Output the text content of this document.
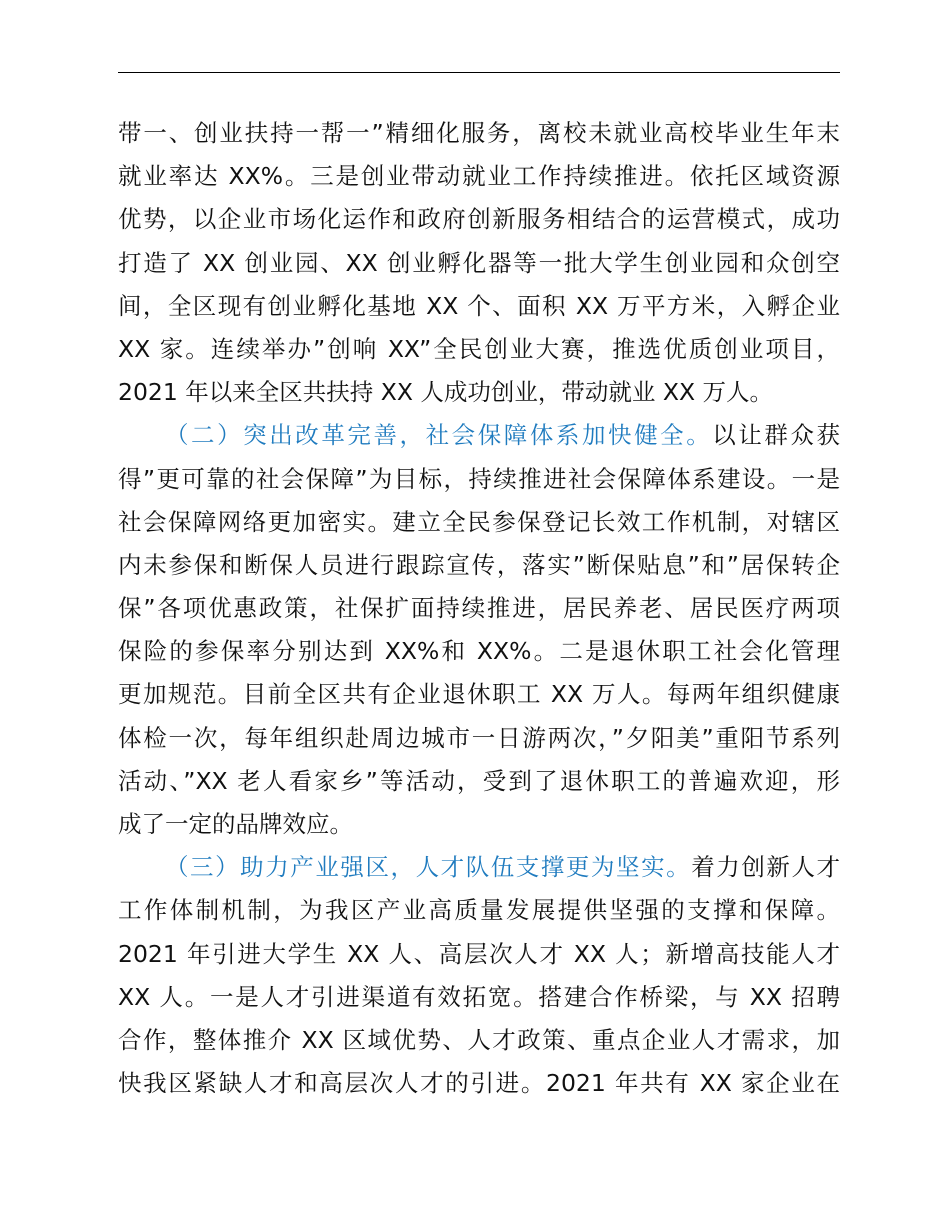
带一、创业扶持一帮一”精细化服务，离校未就业高校毕业生年末
就业率达 XX%。三是创业带动就业工作持续推进。依托区域资源
优势，以企业市场化运作和政府创新服务相结合的运营模式，成功
打造了 XX 创业园、XX 创业孵化器等一批大学生创业园和众创空
间，全区现有创业孵化基地 XX 个、面积 XX 万平方米，入孵企业
XX 家。连续举办”创响 XX”全民创业大赛，推选优质创业项目，
2021 年以来全区共扶持 XX 人成功创业，带动就业 XX 万人。
（二）突出改革完善，社会保障体系加快健全。以让群众获
得”更可靠的社会保障”为目标，持续推进社会保障体系建设。一是
社会保障网络更加密实。建立全民参保登记长效工作机制，对辖区
内未参保和断保人员进行跟踪宣传，落实”断保贴息”和”居保转企
保”各项优惠政策，社保扩面持续推进，居民养老、居民医疗两项
保险的参保率分别达到 XX%和 XX%。二是退休职工社会化管理
更加规范。目前全区共有企业退休职工 XX 万人。每两年组织健康
体检一次，每年组织赴周边城市一日游两次，”夕阳美”重阳节系列
活动、”XX 老人看家乡”等活动，受到了退休职工的普遍欢迎，形
成了一定的品牌效应。
（三）助力产业强区，人才队伍支撑更为坚实。着力创新人才
工作体制机制，为我区产业高质量发展提供坚强的支撑和保障。
2021 年引进大学生 XX 人、高层次人才 XX 人；新增高技能人才
XX 人。一是人才引进渠道有效拓宽。搭建合作桥梁，与 XX 招聘
合作，整体推介 XX 区域优势、人才政策、重点企业人才需求，加
快我区紧缺人才和高层次人才的引进。2021 年共有 XX 家企业在
